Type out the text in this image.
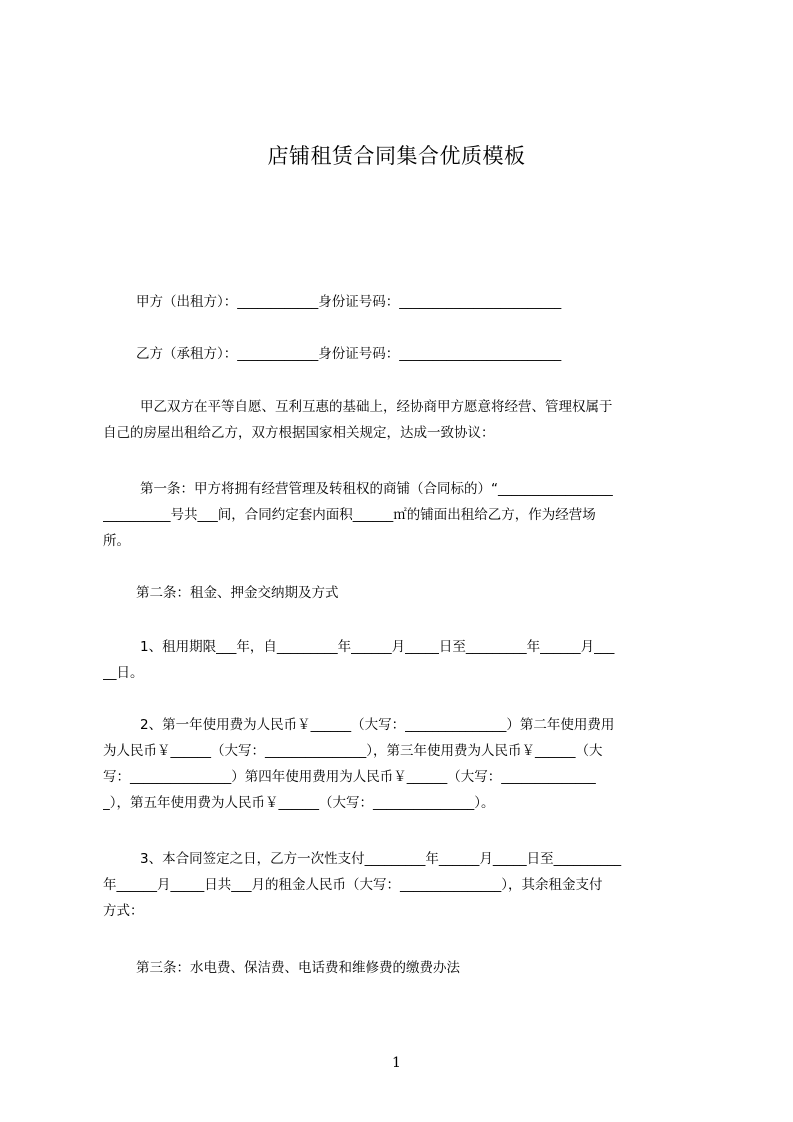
店铺租赁合同集合优质模板
甲方（出租方）：____________身份证号码：________________________
乙方（承租方）：____________身份证号码：________________________
甲乙双方在平等自愿、互利互惠的基础上，经协商甲方愿意将经营、管理权属于
自己的房屋出租给乙方，双方根据国家相关规定，达成一致协议：
第一条：甲方将拥有经营管理及转租权的商铺（合同标的）“_________________
__________号共___间，合同约定套内面积______㎡的铺面出租给乙方，作为经营场
所。
第二条：租金、押金交纳期及方式
1、租用期限___年，自_________年______月_____日至_________年______月___
__日。
2、第一年使用费为人民币￥______（大写：_______________）第二年使用费用
为人民币￥______（大写：_______________），第三年使用费为人民币￥______（大
写：_______________）第四年使用费用为人民币￥______（大写：______________
_），第五年使用费为人民币￥______（大写：_______________）。
3、本合同签定之日，乙方一次性支付_________年______月_____日至__________
年______月_____日共___月的租金人民币（大写：_______________），其余租金支付
方式：
第三条：水电费、保洁费、电话费和维修费的缴费办法
1
